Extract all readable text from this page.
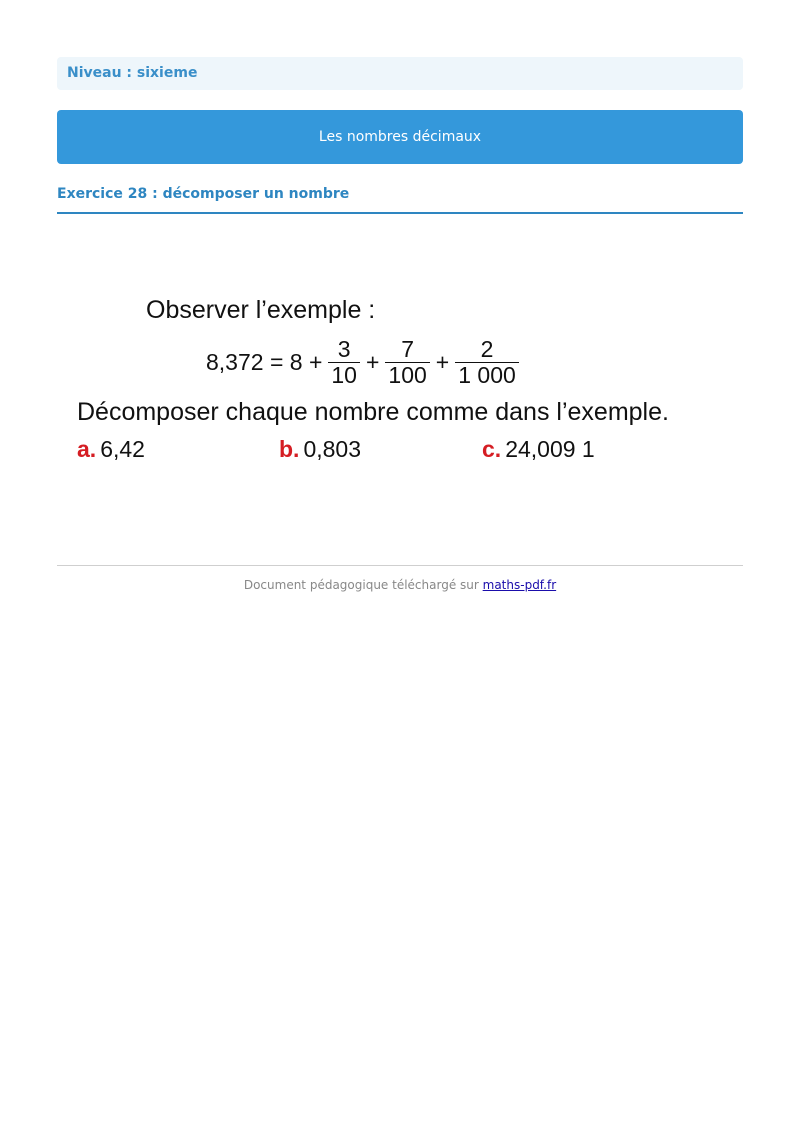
Niveau : sixieme
Les nombres décimaux
Exercice 28 : décomposer un nombre
Observer l’exemple :
$8,372 = 8 + \frac{3}{10} + \frac{7}{100} + \frac{2}{1 000}$
Décomposer chaque nombre comme dans l’exemple.
a. 6,42	b. 0,803	c. 24,009 1
Document pédagogique téléchargé sur maths-pdf.fr
